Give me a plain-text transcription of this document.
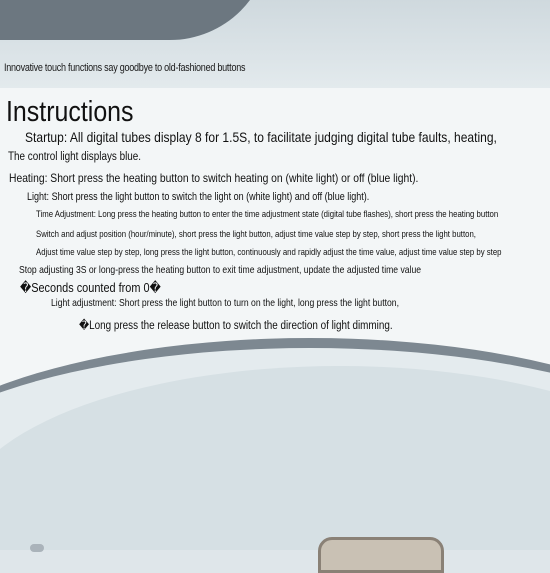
Innovative touch functions say goodbye to old-fashioned buttons
Instructions
Startup: All digital tubes display 8 for 1.5S, to facilitate judging digital tube faults, heating,
The control light displays blue.
Heating: Short press the heating button to switch heating on (white light) or off (blue light).
Light: Short press the light button to switch the light on (white light) and off (blue light).
Time Adjustment: Long press the heating button to enter the time adjustment state (digital tube flashes), short press the heating button
Switch and adjust position (hour/minute), short press the light button, adjust time value step by step, short press the light button,
Adjust time value step by step, long press the light button, continuously and rapidly adjust the time value, adjust time value step by step
Stop adjusting 3S or long-press the heating button to exit time adjustment, update the adjusted time value
�Seconds counted from 0�
Light adjustment: Short press the light button to turn on the light, long press the light button,
�Long press the release button to switch the direction of light dimming.
